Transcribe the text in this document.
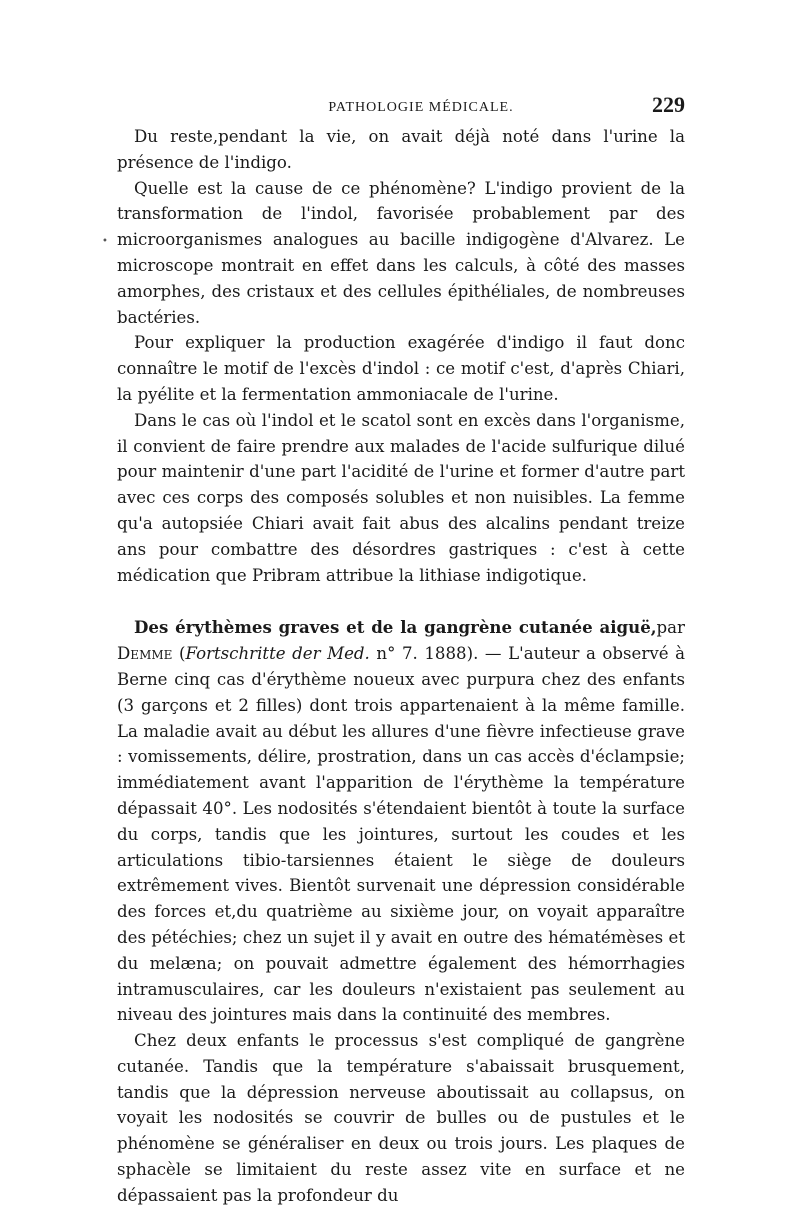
PATHOLOGIE MÉDICALE.	229
•

Du reste,pendant la vie, on avait déjà noté dans l'urine la présence de l'indigo.

Quelle est la cause de ce phénomène? L'indigo provient de la transformation de l'indol, favorisée probablement par des microorganismes analogues au bacille indigogène d'Alvarez. Le microscope montrait en effet dans les calculs, à côté des masses amorphes, des cristaux et des cellules épithéliales, de nombreuses bactéries.

Pour expliquer la production exagérée d'indigo il faut donc connaître le motif de l'excès d'indol : ce motif c'est, d'après Chiari, la pyélite et la fermentation ammoniacale de l'urine.

Dans le cas où l'indol et le scatol sont en excès dans l'organisme, il convient de faire prendre aux malades de l'acide sulfurique dilué pour maintenir d'une part l'acidité de l'urine et former d'autre part avec ces corps des composés solubles et non nuisibles. La femme qu'a autopsiée Chiari avait fait abus des alcalins pendant treize ans pour combattre des désordres gastriques : c'est à cette médication que Pribram attribue la lithiase indigotique.

Des érythèmes graves et de la gangrène cutanée aiguë,par Demme (Fortschritte der Med. n° 7. 1888). — L'auteur a observé à Berne cinq cas d'érythème noueux avec purpura chez des enfants (3 garçons et 2 filles) dont trois appartenaient à la même famille. La maladie avait au début les allures d'une fièvre infectieuse grave : vomissements, délire, prostration, dans un cas accès d'éclampsie; immédiatement avant l'apparition de l'érythème la température dépassait 40°. Les nodosités s'étendaient bientôt à toute la surface du corps, tandis que les jointures, surtout les coudes et les articulations tibio-tarsiennes étaient le siège de douleurs extrêmement vives. Bientôt survenait une dépression considérable des forces et,du quatrième au sixième jour, on voyait apparaître des pétéchies; chez un sujet il y avait en outre des hématémèses et du melæna; on pouvait admettre également des hémorrhagies intramusculaires, car les douleurs n'existaient pas seulement au niveau des jointures mais dans la continuité des membres.

Chez deux enfants le processus s'est compliqué de gangrène cutanée. Tandis que la température s'abaissait brusquement, tandis que la dépression nerveuse aboutissait au collapsus, on voyait les nodosités se couvrir de bulles ou de pustules et le phénomène se généraliser en deux ou trois jours. Les plaques de sphacèle se limitaient du reste assez vite en surface et ne dépassaient pas la profondeur du
